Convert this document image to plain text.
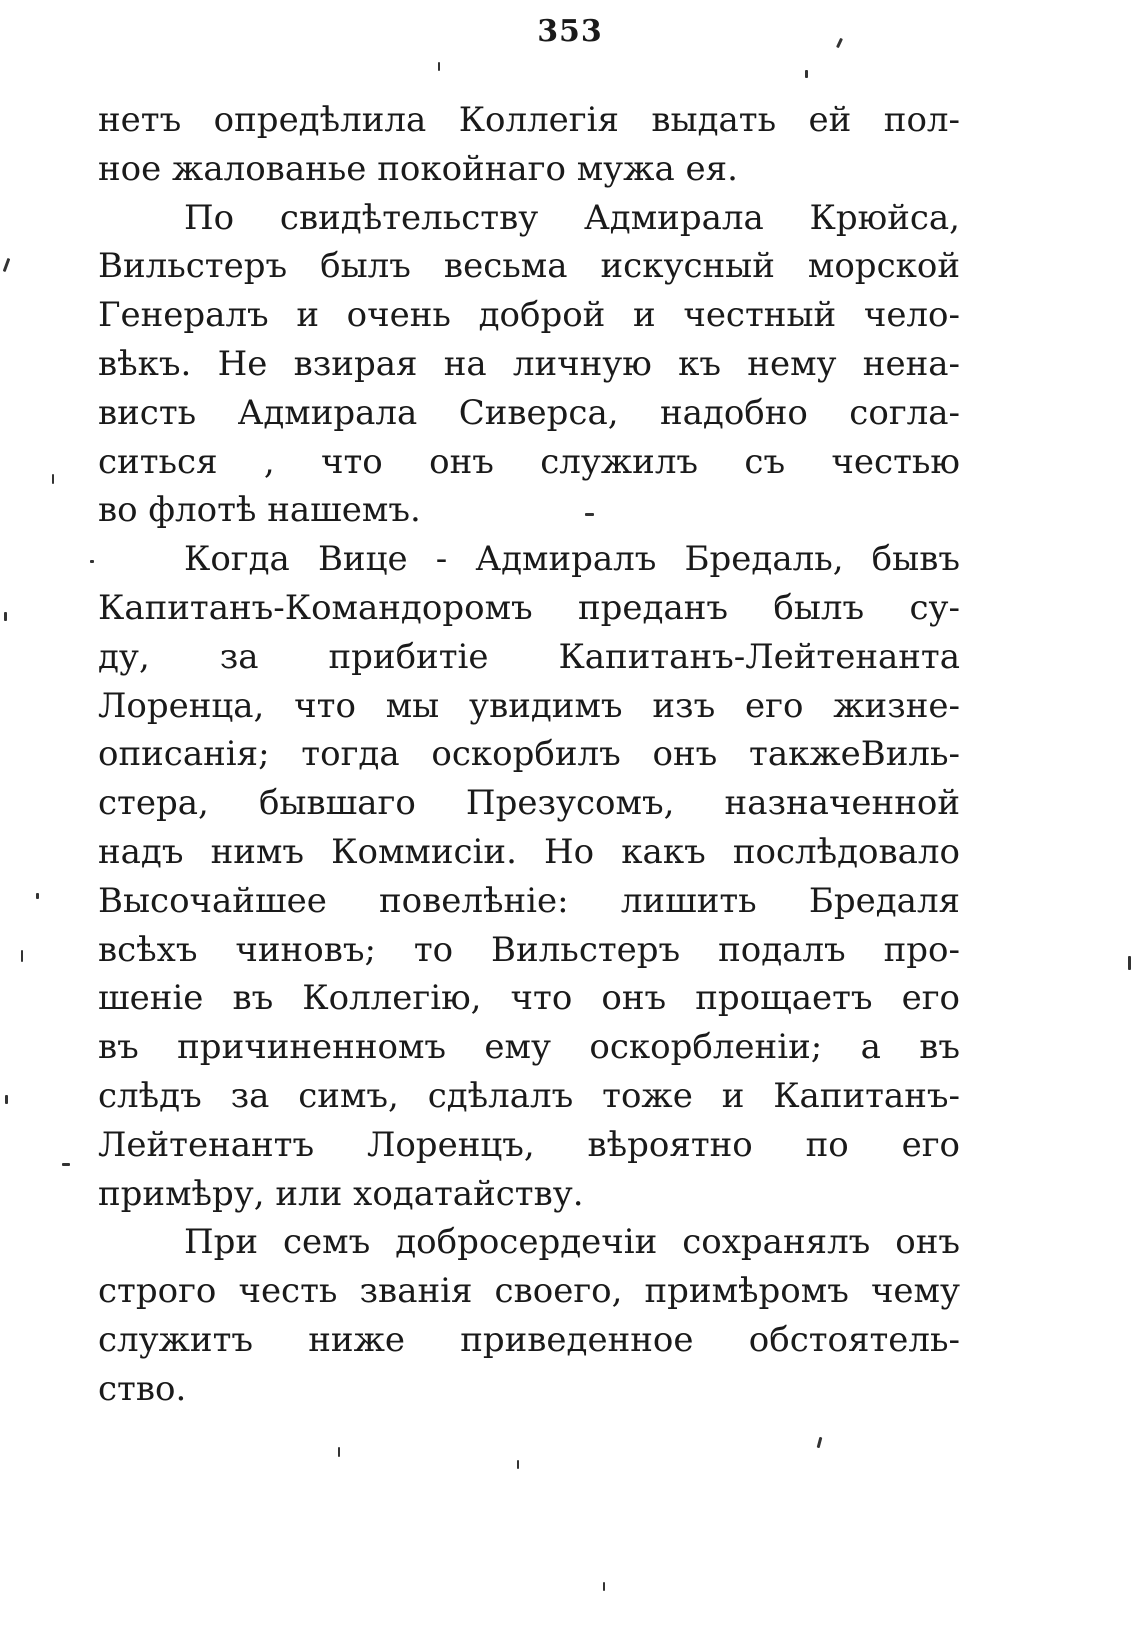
353
нетъ опредѣлила Коллегія выдать ей пол-
ное жалованье покойнаго мужа ея.
По свидѣтельству Адмирала Крюйса,
Вильстеръ былъ весьма искусный морской
Генералъ и очень доброй и честный чело-
вѣкъ. Не взирая на личную къ нему нена-
висть Адмирала Сиверса, надобно согла-
ситься , что онъ служилъ съ честью
во флотѣ нашемъ.
Когда Вице - Адмиралъ Бредаль, бывъ
Капитанъ-Командоромъ преданъ былъ су-
ду, за прибитіе Капитанъ-Лейтенанта
Лоренца, что мы увидимъ изъ его жизне-
описанія; тогда оскорбилъ онъ такжеВиль-
стера, бывшаго Презусомъ, назначенной
надъ нимъ Коммисіи. Но какъ послѣдовало
Высочайшее повелѣніе: лишить Бредаля
всѣхъ чиновъ; то Вильстеръ подалъ про-
шеніе въ Коллегію, что онъ прощаетъ его
въ причиненномъ ему оскорбленіи; а въ
слѣдъ за симъ, сдѣлалъ тоже и Капитанъ-
Лейтенантъ Лоренцъ, вѣроятно по его
примѣру, или ходатайству.
При семъ добросердечіи сохранялъ онъ
строго честь званія своего, примѣромъ чему
служитъ ниже приведенное обстоятель-
ство.
